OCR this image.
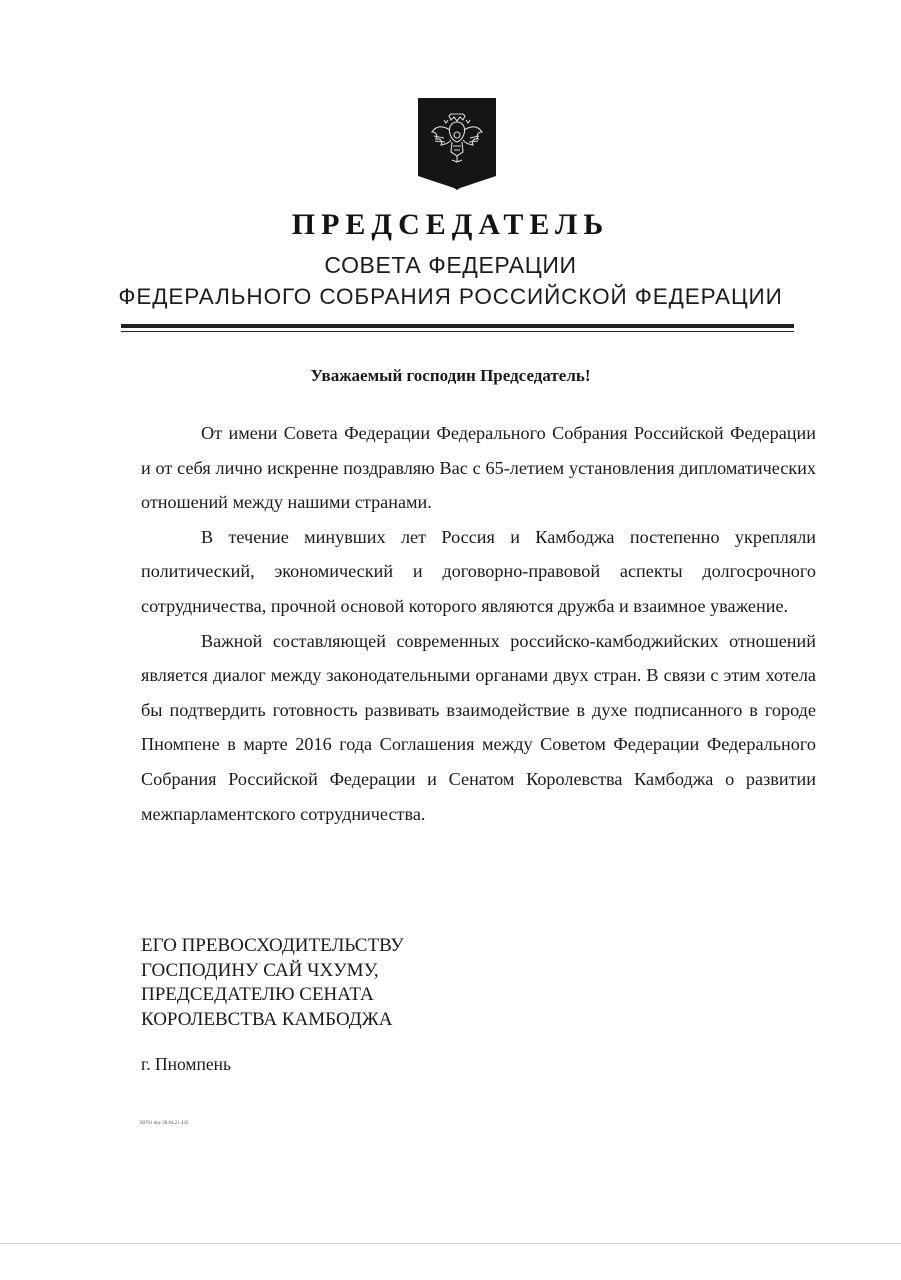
ПРЕДСЕДАТЕЛЬ
СОВЕТА ФЕДЕРАЦИИ
ФЕДЕРАЛЬНОГО СОБРАНИЯ РОССИЙСКОЙ ФЕДЕРАЦИИ
Уважаемый господин Председатель!

От имени Совета Федерации Федерального Собрания Российской Федерации и от себя лично искренне поздравляю Вас с 65-летием установления дипломатических отношений между нашими странами.

В течение минувших лет Россия и Камбоджа постепенно укрепляли политический, экономический и договорно-правовой аспекты долгосрочного сотрудничества, прочной основой которого являются дружба и взаимное уважение.

Важной составляющей современных российско-камбоджийских отношений является диалог между законодательными органами двух стран. В связи с этим хотела бы подтвердить готовность развивать взаимодействие в духе подписанного в городе Пномпене в марте 2016 года Соглашения между Советом Федерации Федерального Собрания Российской Федерации и Сенатом Королевства Камбоджа о развитии межпарламентского сотрудничества.

ЕГО ПРЕВОСХОДИТЕЛЬСТВУ
ГОСПОДИНУ САЙ ЧХУМУ,
ПРЕДСЕДАТЕЛЮ СЕНАТА
КОРОЛЕВСТВА КАМБОДЖА
г. Пномпень
00761 doc 28.04.21 443
